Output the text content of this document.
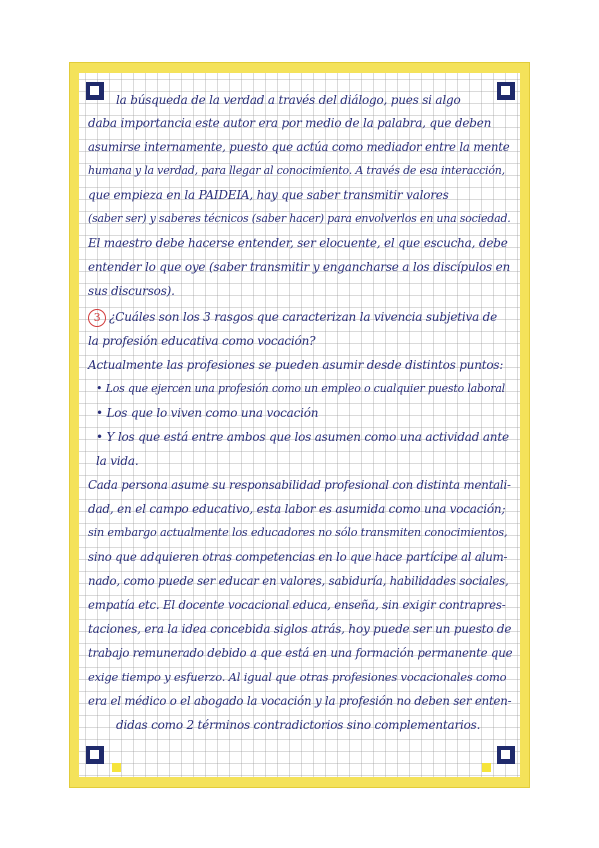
la búsqueda de la verdad a través del diálogo, pues si algo
daba importancia este autor era por medio de la palabra, que deben
asumirse internamente, puesto que actúa como mediador entre la mente
humana y la verdad, para llegar al conocimiento. A través de esa interacción,
que empieza en la PAIDEIA, hay que saber transmitir valores
(saber ser) y saberes técnicos (saber hacer) para envolverlos en una sociedad.
El maestro debe hacerse entender, ser elocuente, el que escucha, debe
entender lo que oye (saber transmitir y engancharse a los discípulos en
sus discursos).
3 ¿Cuáles son los 3 rasgos que caracterizan la vivencia subjetiva de
la profesión educativa como vocación?
Actualmente las profesiones se pueden asumir desde distintos puntos:
• Los que ejercen una profesión como un empleo o cualquier puesto laboral
• Los que lo viven como una vocación
• Y los que está entre ambos que los asumen como una actividad ante
la vida.
Cada persona asume su responsabilidad profesional con distinta mentali-
dad, en el campo educativo, esta labor es asumida como una vocación;
sin embargo actualmente los educadores no sólo transmiten conocimientos,
sino que adquieren otras competencias en lo que hace partícipe al alum-
nado, como puede ser educar en valores, sabiduría, habilidades sociales,
empatía etc. El docente vocacional educa, enseña, sin exigir contrapres-
taciones, era la idea concebida siglos atrás, hoy puede ser un puesto de
trabajo remunerado debido a que está en una formación permanente que
exige tiempo y esfuerzo. Al igual que otras profesiones vocacionales como
era el médico o el abogado la vocación y la profesión no deben ser enten-
didas como 2 términos contradictorios sino complementarios.
